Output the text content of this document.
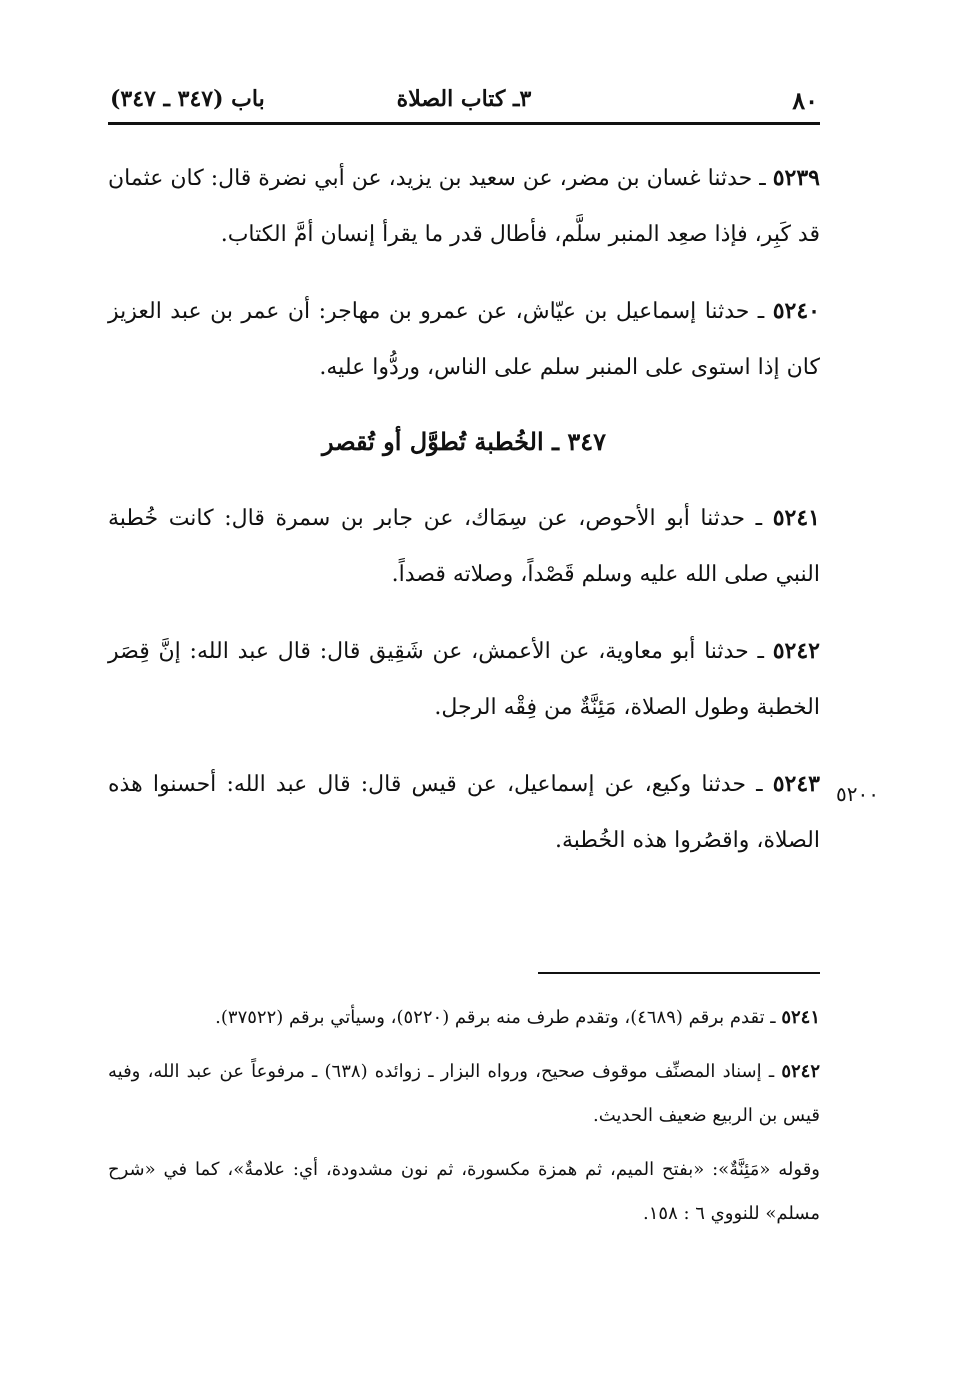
٨٠
٣ـ كتاب الصلاة
باب (٣٤٧ ـ ٣٤٧)

٥٢٣٩ ـ حدثنا غسان بن مضر، عن سعيد بن يزيد، عن أبي نضرة قال: كان عثمان قد كَبِر، فإذا صعِد المنبر سلَّم، فأطال قدر ما يقرأ إنسان أمَّ الكتاب.

٥٢٤٠ ـ حدثنا إسماعيل بن عيّاش، عن عمرو بن مهاجر: أن عمر بن عبد العزيز كان إذا استوى على المنبر سلم على الناس، وردُّوا عليه.

٣٤٧ ـ الخُطبة تُطوَّل أو تُقصر

٥٢٤١ ـ حدثنا أبو الأحوص، عن سِمَاك، عن جابر بن سمرة قال: كانت خُطبة النبي صلى الله عليه وسلم قَصْداً، وصلاته قصداً.

٥٢٤٢ ـ حدثنا أبو معاوية، عن الأعمش، عن شَقِيق قال: قال عبد الله: إنَّ قِصَر الخطبة وطول الصلاة، مَئِنَّةٌ من فِقْه الرجل.

٥٢٤٣ ـ حدثنا وكيع، عن إسماعيل، عن قيس قال: قال عبد الله: أحسنوا هذه الصلاة، واقصُروا هذه الخُطبة.

٥٢٠٠

٥٢٤١ ـ تقدم برقم (٤٦٨٩)، وتقدم طرف منه برقم (٥٢٢٠)، وسيأتي برقم (٣٧٥٢٢).

٥٢٤٢ ـ إسناد المصنِّف موقوف صحيح، ورواه البزار ـ زوائده (٦٣٨) ـ مرفوعاً عن عبد الله، وفيه قيس بن الربيع ضعيف الحديث.

وقوله «مَئِنَّةٌ»: «بفتح الميم، ثم همزة مكسورة، ثم نون مشدودة، أي: علامةٌ»، كما في «شرح مسلم» للنووي ٦ : ١٥٨.
